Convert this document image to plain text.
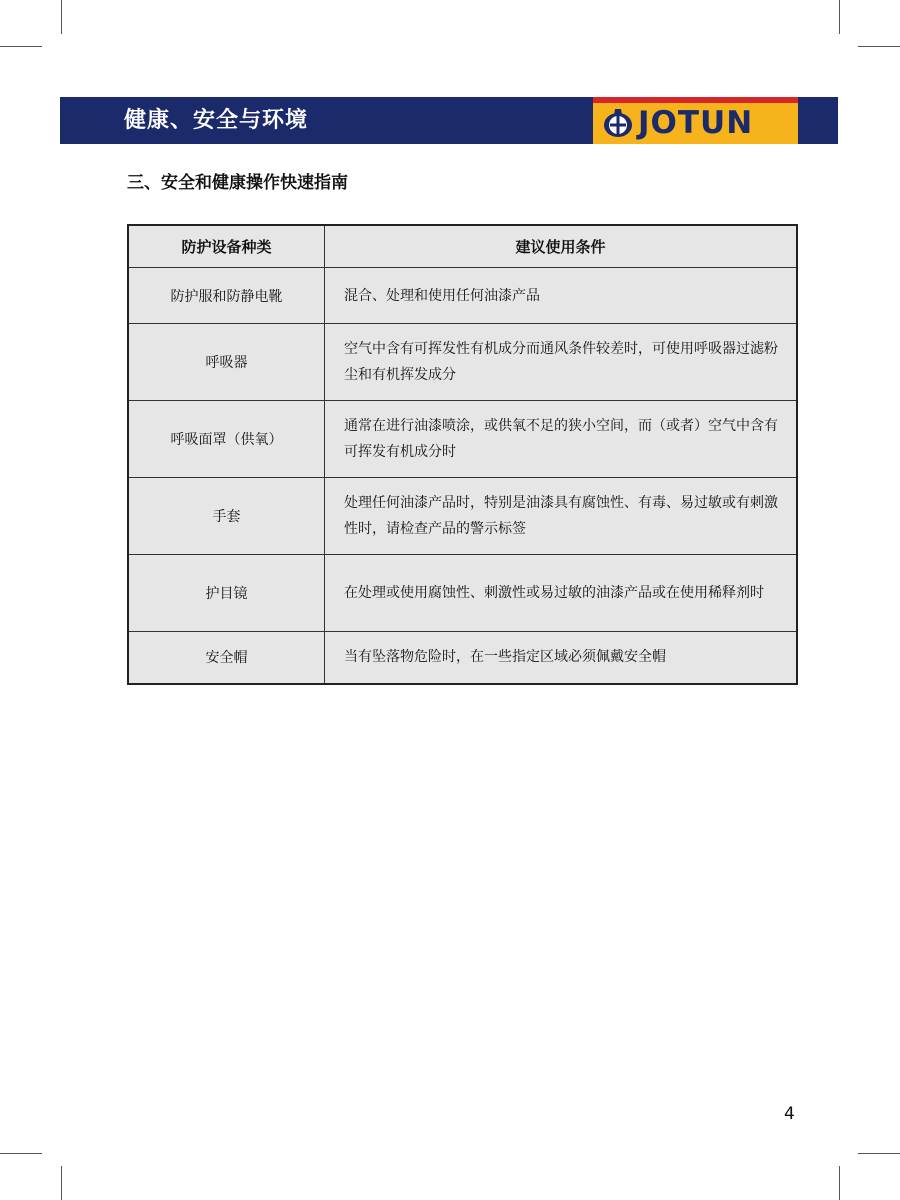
健康、安全与环境	JOTUN
三、安全和健康操作快速指南
防护设备种类	建议使用条件
防护服和防静电靴	混合、处理和使用任何油漆产品
呼吸器	空气中含有可挥发性有机成分而通风条件较差时，可使用呼吸器过滤粉尘和有机挥发成分
呼吸面罩（供氧）	通常在进行油漆喷涂，或供氧不足的狭小空间，而（或者）空气中含有可挥发有机成分时
手套	处理任何油漆产品时，特别是油漆具有腐蚀性、有毒、易过敏或有刺激性时，请检查产品的警示标签
护目镜	在处理或使用腐蚀性、刺激性或易过敏的油漆产品或在使用稀释剂时
安全帽	当有坠落物危险时，在一些指定区域必须佩戴安全帽
4
